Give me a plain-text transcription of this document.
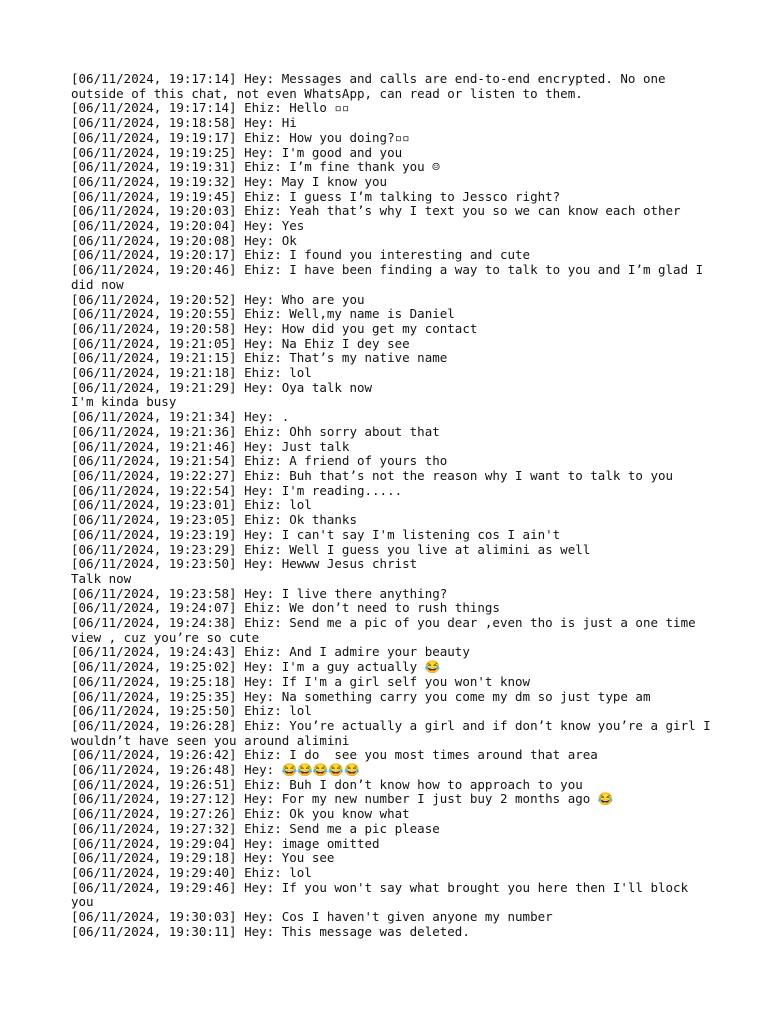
[06/11/2024, 19:17:14] Hey: Messages and calls are end-to-end encrypted. No one outside of this chat, not even WhatsApp, can read or listen to them.
[06/11/2024, 19:17:14] Ehiz: Hello ▫▫
[06/11/2024, 19:18:58] Hey: Hi
[06/11/2024, 19:19:17] Ehiz: How you doing?▫▫
[06/11/2024, 19:19:25] Hey: I'm good and you
[06/11/2024, 19:19:31] Ehiz: I’m fine thank you ☺
[06/11/2024, 19:19:32] Hey: May I know you
[06/11/2024, 19:19:45] Ehiz: I guess I’m talking to Jessco right?
[06/11/2024, 19:20:03] Ehiz: Yeah that’s why I text you so we can know each other
[06/11/2024, 19:20:04] Hey: Yes
[06/11/2024, 19:20:08] Hey: Ok
[06/11/2024, 19:20:17] Ehiz: I found you interesting and cute
[06/11/2024, 19:20:46] Ehiz: I have been finding a way to talk to you and I’m glad I did now
[06/11/2024, 19:20:52] Hey: Who are you
[06/11/2024, 19:20:55] Ehiz: Well,my name is Daniel
[06/11/2024, 19:20:58] Hey: How did you get my contact
[06/11/2024, 19:21:05] Hey: Na Ehiz I dey see
[06/11/2024, 19:21:15] Ehiz: That’s my native name
[06/11/2024, 19:21:18] Ehiz: lol
[06/11/2024, 19:21:29] Hey: Oya talk now
I'm kinda busy
[06/11/2024, 19:21:34] Hey: .
[06/11/2024, 19:21:36] Ehiz: Ohh sorry about that
[06/11/2024, 19:21:46] Hey: Just talk
[06/11/2024, 19:21:54] Ehiz: A friend of yours tho
[06/11/2024, 19:22:27] Ehiz: Buh that’s not the reason why I want to talk to you
[06/11/2024, 19:22:54] Hey: I'm reading.....
[06/11/2024, 19:23:01] Ehiz: lol
[06/11/2024, 19:23:05] Ehiz: Ok thanks
[06/11/2024, 19:23:19] Hey: I can't say I'm listening cos I ain't
[06/11/2024, 19:23:29] Ehiz: Well I guess you live at alimini as well
[06/11/2024, 19:23:50] Hey: Hewww Jesus christ
Talk now
[06/11/2024, 19:23:58] Hey: I live there anything?
[06/11/2024, 19:24:07] Ehiz: We don’t need to rush things
[06/11/2024, 19:24:38] Ehiz: Send me a pic of you dear ,even tho is just a one time view , cuz you’re so cute
[06/11/2024, 19:24:43] Ehiz: And I admire your beauty
[06/11/2024, 19:25:02] Hey: I'm a guy actually 😂
[06/11/2024, 19:25:18] Hey: If I'm a girl self you won't know
[06/11/2024, 19:25:35] Hey: Na something carry you come my dm so just type am
[06/11/2024, 19:25:50] Ehiz: lol
[06/11/2024, 19:26:28] Ehiz: You’re actually a girl and if don’t know you’re a girl I wouldn’t have seen you around alimini
[06/11/2024, 19:26:42] Ehiz: I do  see you most times around that area
[06/11/2024, 19:26:48] Hey: 😂😂😂😂😂
[06/11/2024, 19:26:51] Ehiz: Buh I don’t know how to approach to you
[06/11/2024, 19:27:12] Hey: For my new number I just buy 2 months ago 😂
[06/11/2024, 19:27:26] Ehiz: Ok you know what
[06/11/2024, 19:27:32] Ehiz: Send me a pic please
[06/11/2024, 19:29:04] Hey: image omitted
[06/11/2024, 19:29:18] Hey: You see
[06/11/2024, 19:29:40] Ehiz: lol
[06/11/2024, 19:29:46] Hey: If you won't say what brought you here then I'll block you
[06/11/2024, 19:30:03] Hey: Cos I haven't given anyone my number
[06/11/2024, 19:30:11] Hey: This message was deleted.
